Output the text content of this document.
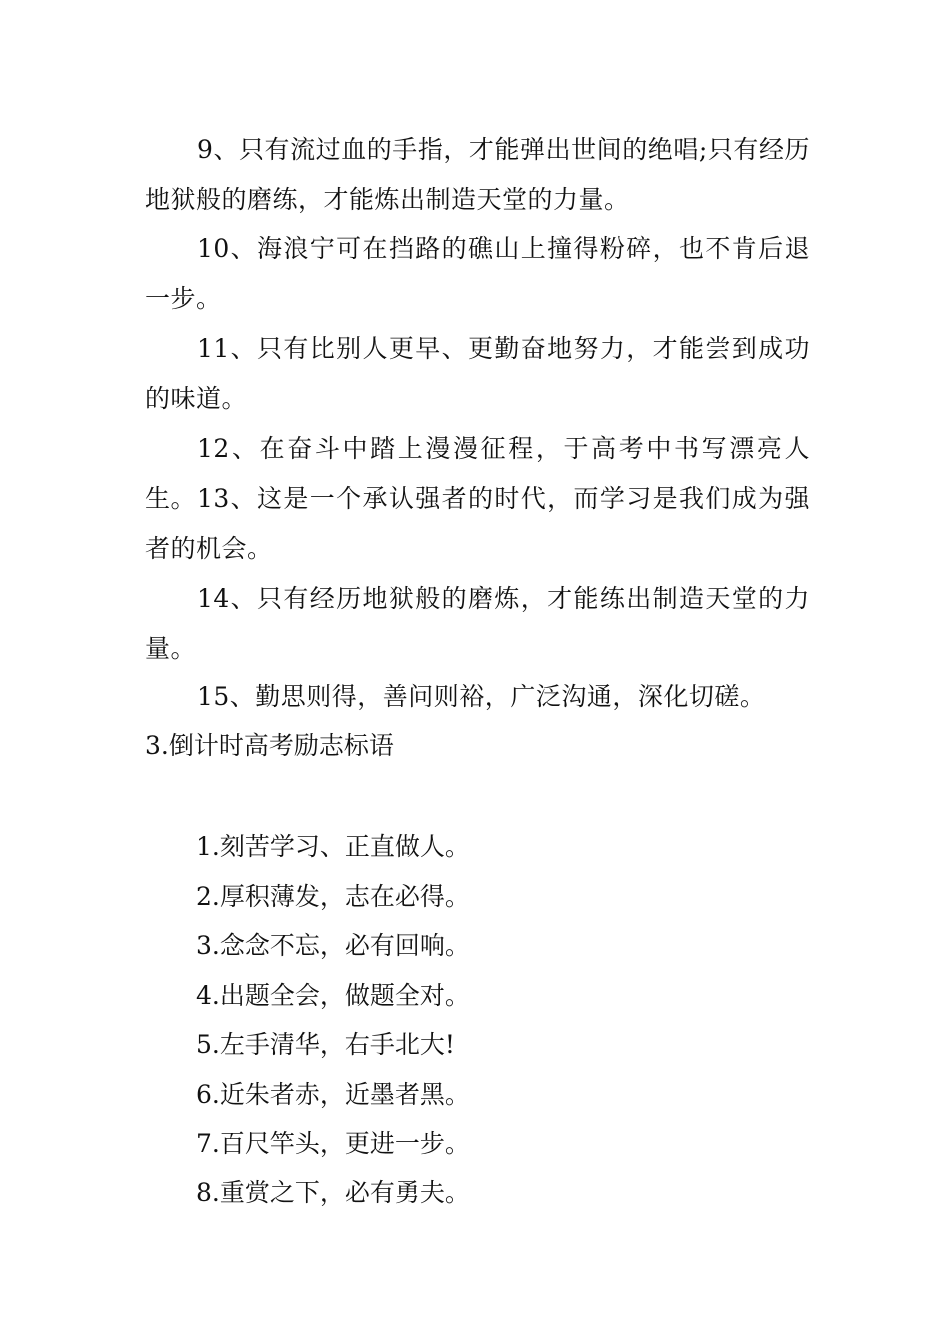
9、只有流过血的手指，才能弹出世间的绝唱;只有经历地狱般的磨练，才能炼出制造天堂的力量。

10、海浪宁可在挡路的礁山上撞得粉碎，也不肯后退一步。

11、只有比别人更早、更勤奋地努力，才能尝到成功的味道。

12、在奋斗中踏上漫漫征程，于高考中书写漂亮人生。 13、这是一个承认强者的时代，而学习是我们成为强者的机会。

14、只有经历地狱般的磨炼，才能练出制造天堂的力量。

15、勤思则得，善问则裕，广泛沟通，深化切磋。

3.倒计时高考励志标语

1.刻苦学习、正直做人。

2.厚积薄发，志在必得。

3.念念不忘，必有回响。

4.出题全会，做题全对。

5.左手清华，右手北大!

6.近朱者赤，近墨者黑。

7.百尺竿头，更进一步。

8.重赏之下，必有勇夫。
